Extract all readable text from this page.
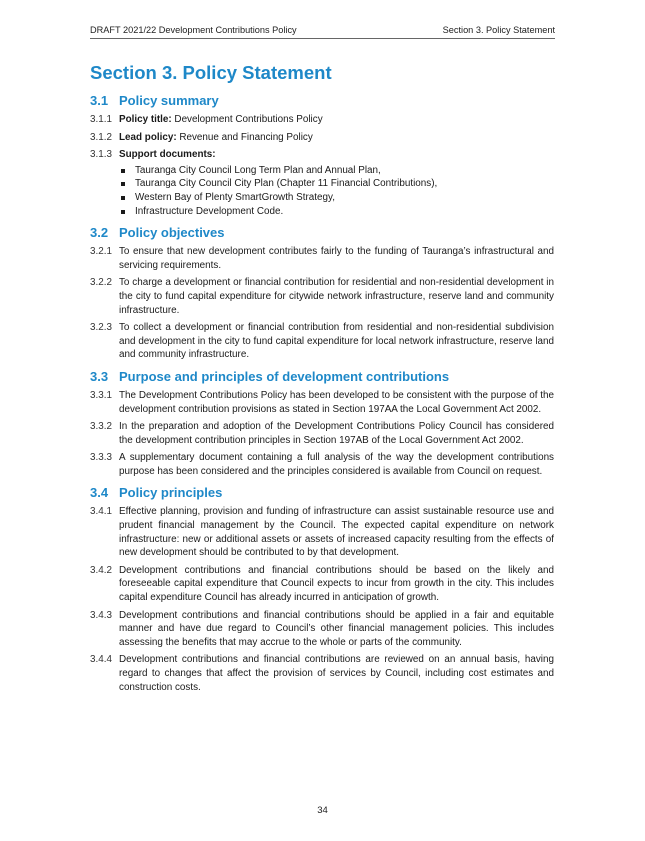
DRAFT 2021/22 Development Contributions Policy	Section 3. Policy Statement
Section 3. Policy Statement
3.1 Policy summary
3.1.1 Policy title: Development Contributions Policy
3.1.2 Lead policy: Revenue and Financing Policy
3.1.3 Support documents:
Tauranga City Council Long Term Plan and Annual Plan,
Tauranga City Council City Plan (Chapter 11 Financial Contributions),
Western Bay of Plenty SmartGrowth Strategy,
Infrastructure Development Code.
3.2 Policy objectives
3.2.1 To ensure that new development contributes fairly to the funding of Tauranga’s infrastructural and servicing requirements.
3.2.2 To charge a development or financial contribution for residential and non-residential development in the city to fund capital expenditure for citywide network infrastructure, reserve land and community infrastructure.
3.2.3 To collect a development or financial contribution from residential and non-residential subdivision and development in the city to fund capital expenditure for local network infrastructure, reserve land and community infrastructure.
3.3 Purpose and principles of development contributions
3.3.1 The Development Contributions Policy has been developed to be consistent with the purpose of the development contribution provisions as stated in Section 197AA the Local Government Act 2002.
3.3.2 In the preparation and adoption of the Development Contributions Policy Council has considered the development contribution principles in Section 197AB of the Local Government Act 2002.
3.3.3 A supplementary document containing a full analysis of the way the development contributions purpose has been considered and the principles considered is available from Council on request.
3.4 Policy principles
3.4.1 Effective planning, provision and funding of infrastructure can assist sustainable resource use and prudent financial management by the Council. The expected capital expenditure on network infrastructure: new or additional assets or assets of increased capacity resulting from the effects of new development should be contributed to by that development.
3.4.2 Development contributions and financial contributions should be based on the likely and foreseeable capital expenditure that Council expects to incur from growth in the city. This includes capital expenditure Council has already incurred in anticipation of growth.
3.4.3 Development contributions and financial contributions should be applied in a fair and equitable manner and have due regard to Council’s other financial management policies. This includes assessing the benefits that may accrue to the whole or parts of the community.
3.4.4 Development contributions and financial contributions are reviewed on an annual basis, having regard to changes that affect the provision of services by Council, including cost estimates and construction costs.
34
